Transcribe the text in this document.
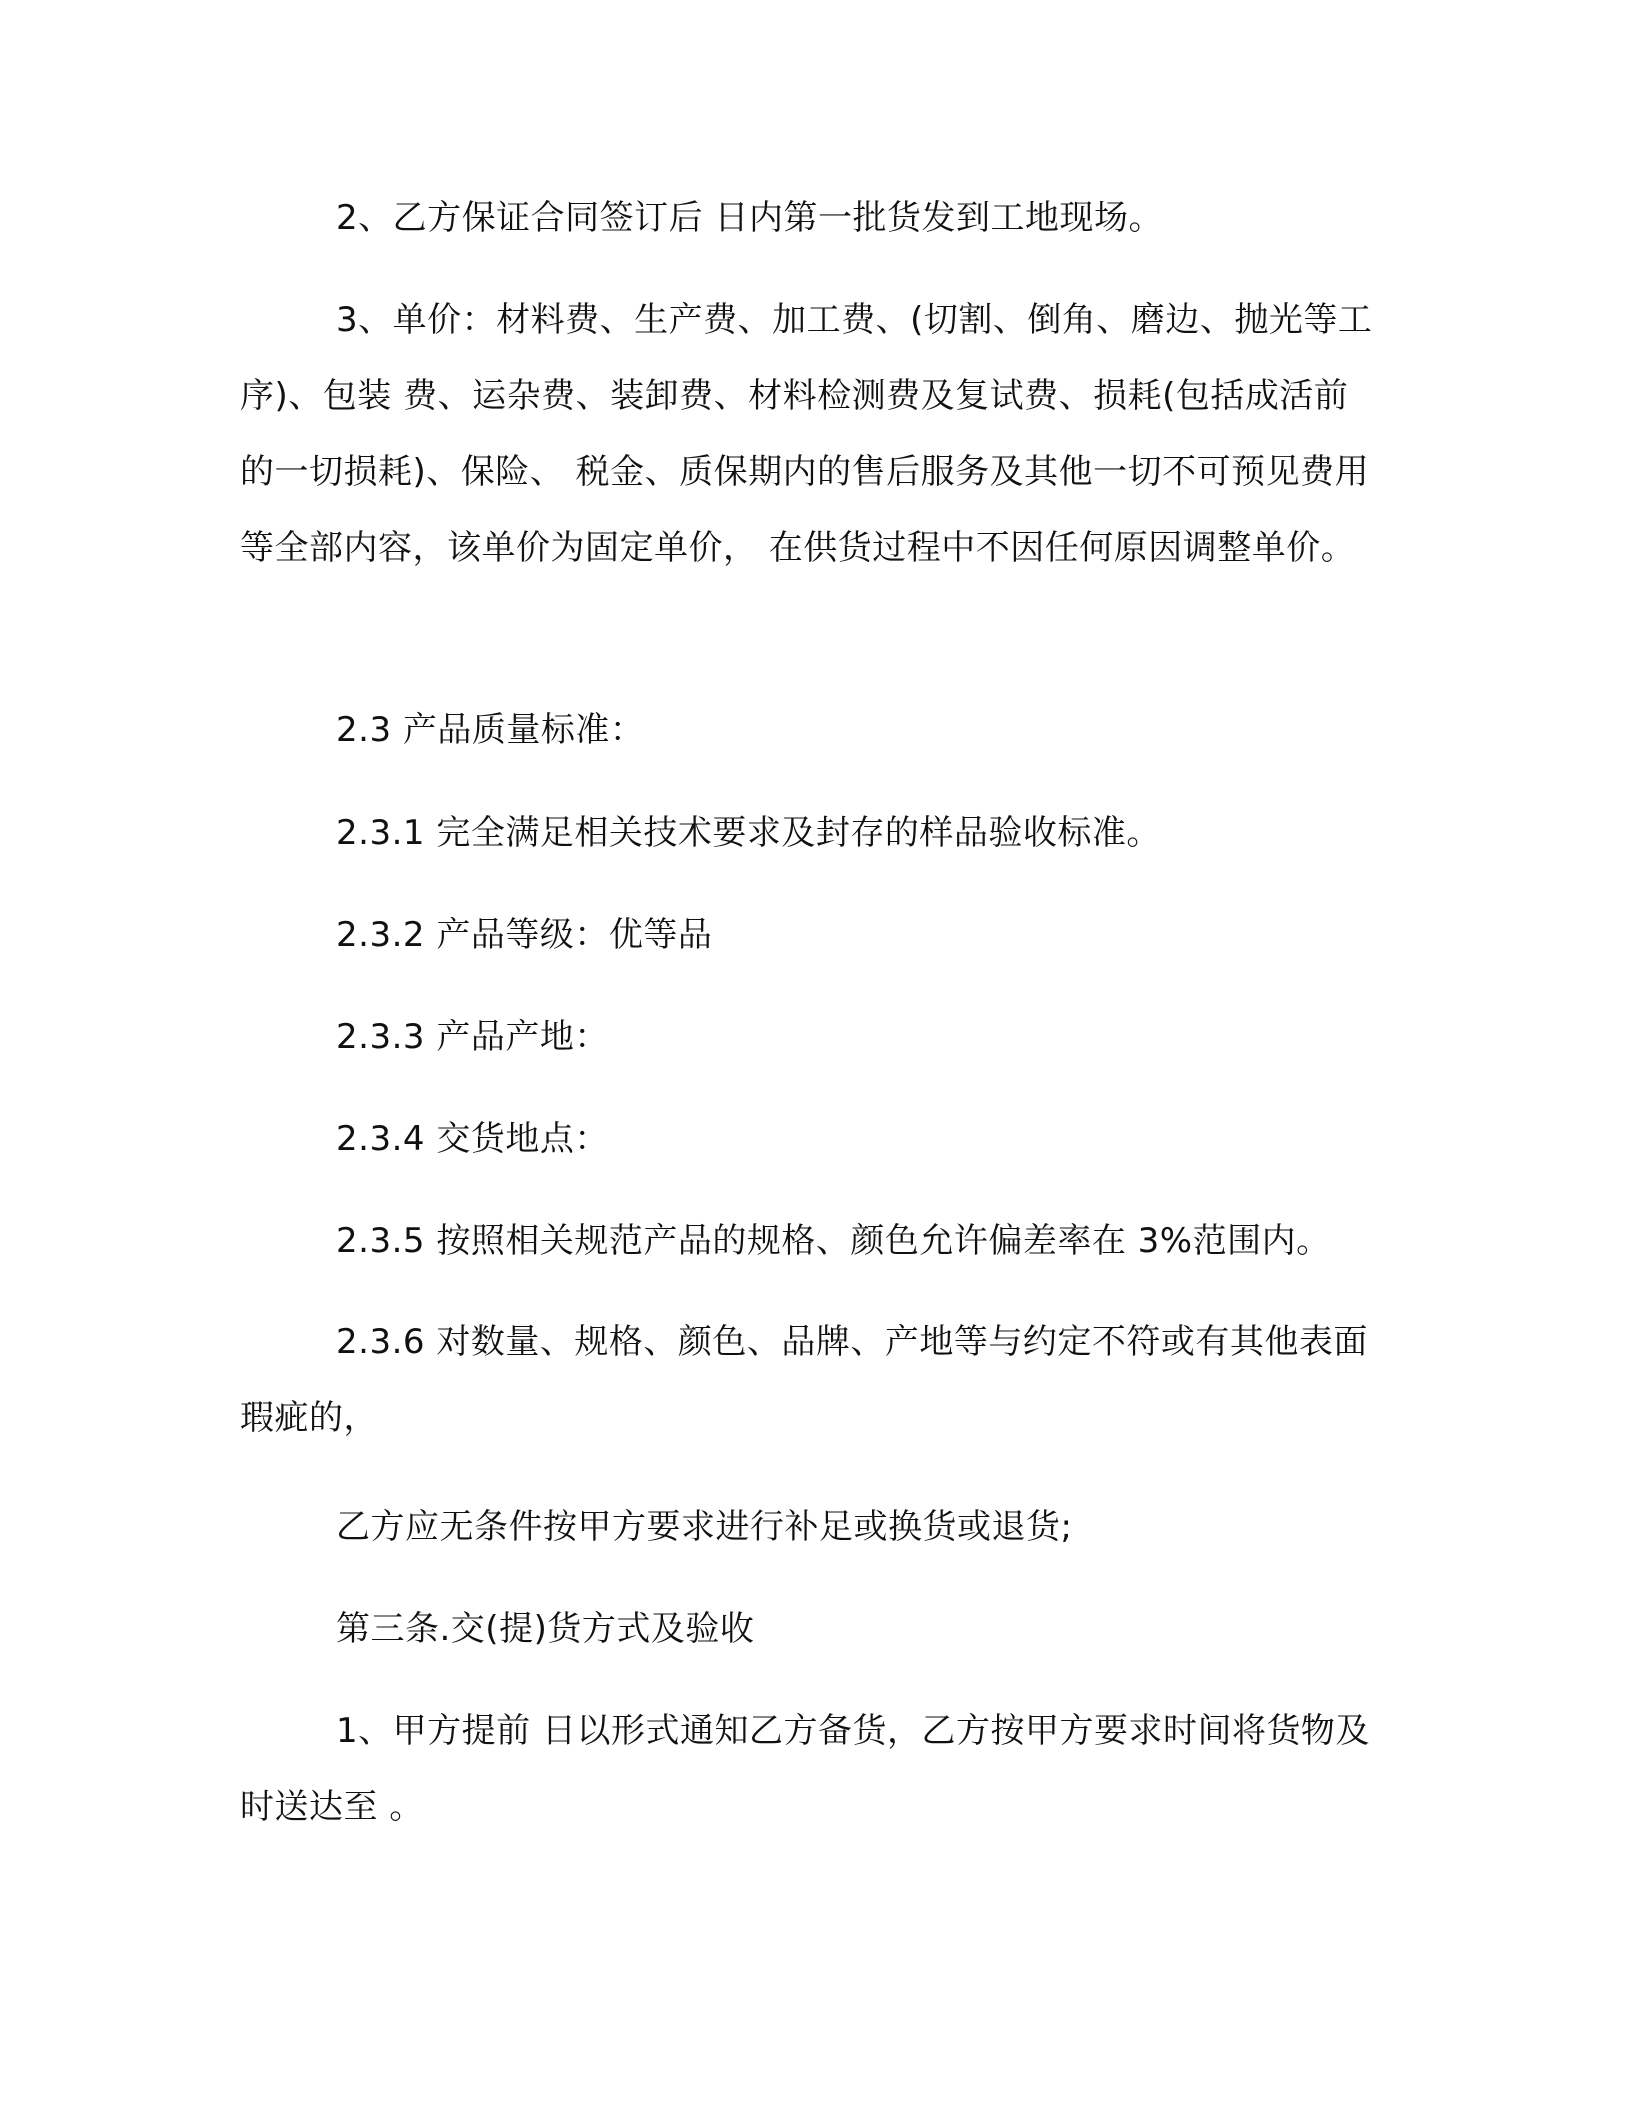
2、乙方保证合同签订后 日内第一批货发到工地现场。

3、单价：材料费、生产费、加工费、(切割、倒角、磨边、抛光等工序)、包装 费、运杂费、装卸费、材料检测费及复试费、损耗(包括成活前的一切损耗)、保险、 税金、质保期内的售后服务及其他一切不可预见费用等全部内容，该单价为固定单价， 在供货过程中不因任何原因调整单价。

2.3 产品质量标准：

2.3.1 完全满足相关技术要求及封存的样品验收标准。

2.3.2 产品等级：优等品

2.3.3 产品产地：

2.3.4 交货地点：

2.3.5 按照相关规范产品的规格、颜色允许偏差率在 3%范围内。

2.3.6 对数量、规格、颜色、品牌、产地等与约定不符或有其他表面瑕疵的，

乙方应无条件按甲方要求进行补足或换货或退货;

第三条.交(提)货方式及验收

1、甲方提前 日以形式通知乙方备货，乙方按甲方要求时间将货物及时送达至 。
